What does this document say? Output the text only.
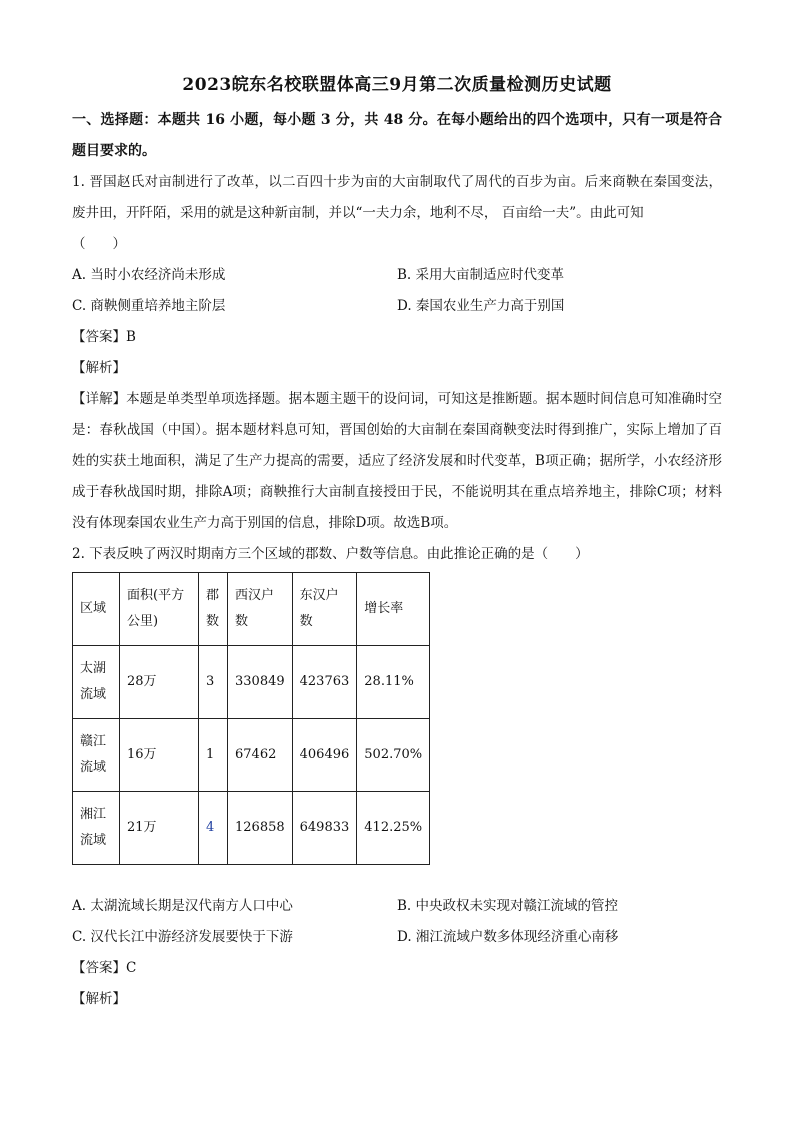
2023皖东名校联盟体高三9月第二次质量检测历史试题
一、选择题：本题共 16 小题，每小题 3 分，共 48 分。在每小题给出的四个选项中，只有一项是符合题目要求的。
1. 晋国赵氏对亩制进行了改革，以二百四十步为亩的大亩制取代了周代的百步为亩。后来商鞅在秦国变法，废井田，开阡陌，采用的就是这种新亩制，并以“一夫力余，地利不尽， 百亩给一夫”。由此可知
（　　）
A. 当时小农经济尚未形成	B. 采用大亩制适应时代变革
C. 商鞅侧重培养地主阶层	D. 秦国农业生产力高于别国
【答案】B
【解析】
【详解】本题是单类型单项选择题。据本题主题干的设问词，可知这是推断题。据本题时间信息可知准确时空是：春秋战国（中国）。据本题材料息可知，晋国创始的大亩制在秦国商鞅变法时得到推广，实际上增加了百姓的实获土地面积，满足了生产力提高的需要，适应了经济发展和时代变革，B项正确；据所学，小农经济形成于春秋战国时期，排除A项；商鞅推行大亩制直接授田于民，不能说明其在重点培养地主，排除C项；材料没有体现秦国农业生产力高于别国的信息，排除D项。故选B项。
2. 下表反映了两汉时期南方三个区域的郡数、户数等信息。由此推论正确的是（　　）
区域	面积(平方公里)	郡数	西汉户数	东汉户数	增长率
太湖流域	28万	3	330849	423763	28.11%
赣江流域	16万	1	67462	406496	502.70%
湘江流域	21万	4	126858	649833	412.25%
A. 太湖流域长期是汉代南方人口中心	B. 中央政权未实现对赣江流域的管控
C. 汉代长江中游经济发展要快于下游	D. 湘江流域户数多体现经济重心南移
【答案】C
【解析】
